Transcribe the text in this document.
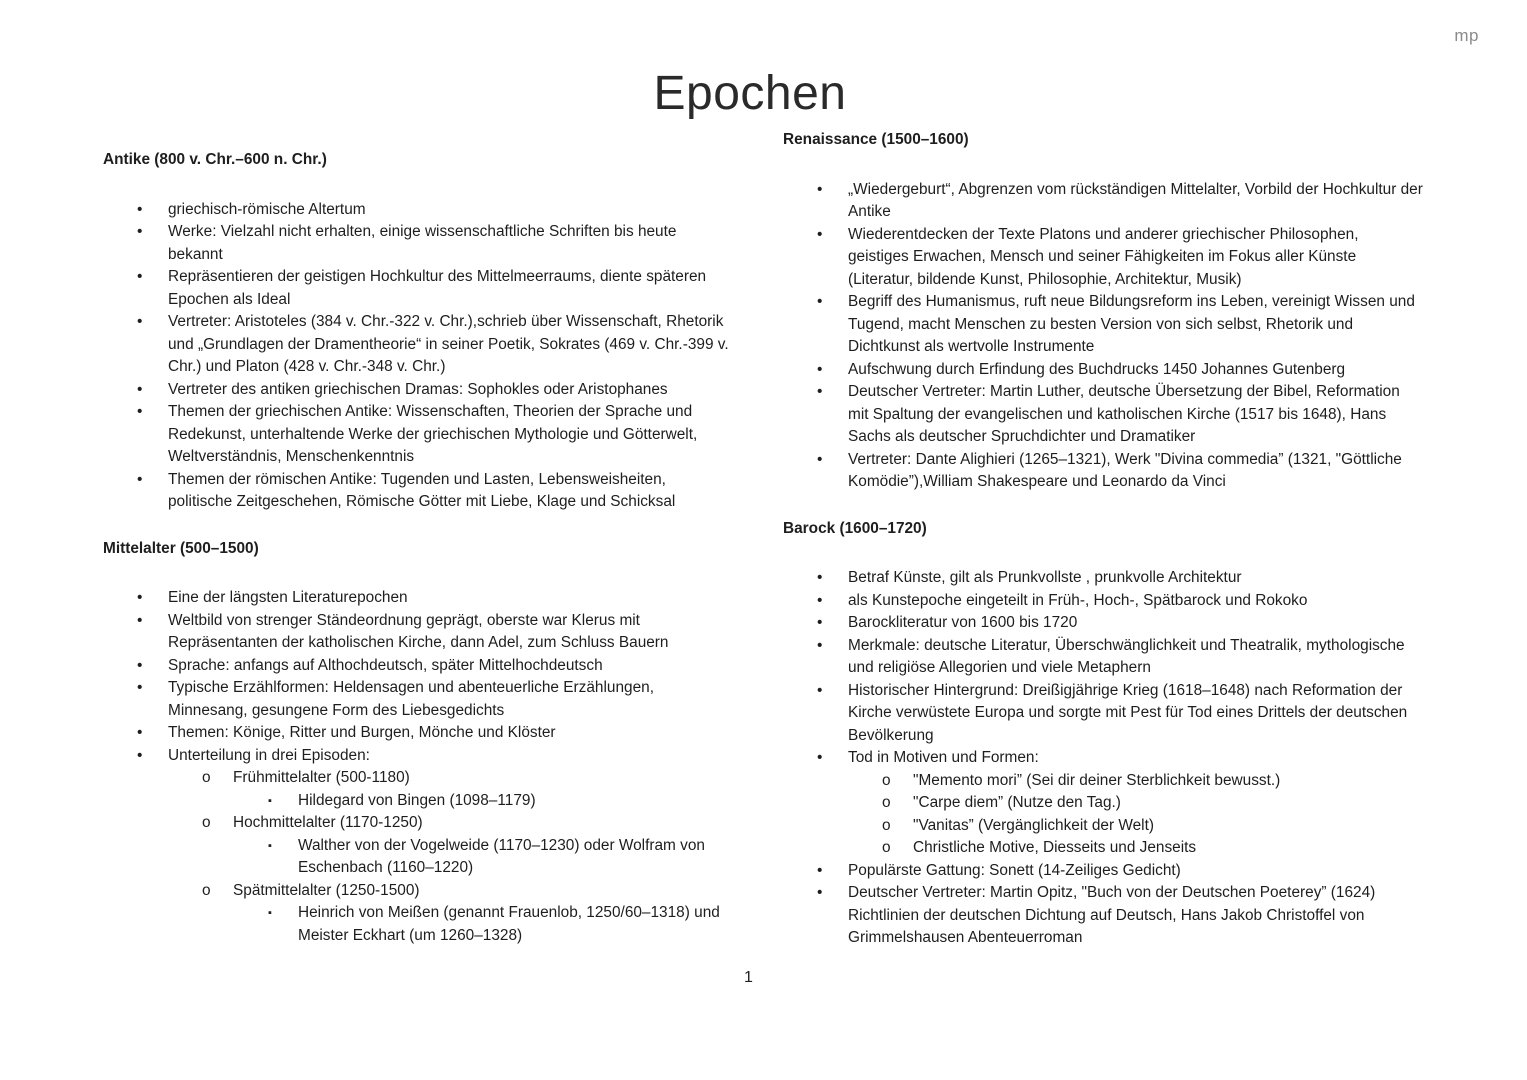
mp
Epochen
Antike (800 v. Chr.–600 n. Chr.)
• griechisch-römische Altertum
• Werke: Vielzahl nicht erhalten, einige wissenschaftliche Schriften bis heute bekannt
• Repräsentieren der geistigen Hochkultur des Mittelmeerraums, diente späteren Epochen als Ideal
• Vertreter: Aristoteles (384 v. Chr.-322 v. Chr.),schrieb über Wissenschaft, Rhetorik und „Grundlagen der Dramentheorie“ in seiner Poetik, Sokrates (469 v. Chr.-399 v. Chr.) und Platon (428 v. Chr.-348 v. Chr.)
• Vertreter des antiken griechischen Dramas: Sophokles oder Aristophanes
• Themen der griechischen Antike: Wissenschaften, Theorien der Sprache und Redekunst, unterhaltende Werke der griechischen Mythologie und Götterwelt, Weltverständnis, Menschenkenntnis
• Themen der römischen Antike: Tugenden und Lasten, Lebensweisheiten, politische Zeitgeschehen, Römische Götter mit Liebe, Klage und Schicksal
Mittelalter (500–1500)
• Eine der längsten Literaturepochen
• Weltbild von strenger Ständeordnung geprägt, oberste war Klerus mit Repräsentanten der katholischen Kirche, dann Adel, zum Schluss Bauern
• Sprache: anfangs auf Althochdeutsch, später Mittelhochdeutsch
• Typische Erzählformen: Heldensagen und abenteuerliche Erzählungen, Minnesang, gesungene Form des Liebesgedichts
• Themen: Könige, Ritter und Burgen, Mönche und Klöster
• Unterteilung in drei Episoden:
o Frühmittelalter (500-1180)
▪ Hildegard von Bingen (1098–1179)
o Hochmittelalter (1170-1250)
▪ Walther von der Vogelweide (1170–1230) oder Wolfram von Eschenbach (1160–1220)
o Spätmittelalter (1250-1500)
▪ Heinrich von Meißen (genannt Frauenlob, 1250/60–1318) und Meister Eckhart (um 1260–1328)
Renaissance (1500–1600)
• „Wiedergeburt“, Abgrenzen vom rückständigen Mittelalter, Vorbild der Hochkultur der Antike
• Wiederentdecken der Texte Platons und anderer griechischer Philosophen, geistiges Erwachen, Mensch und seiner Fähigkeiten im Fokus aller Künste (Literatur, bildende Kunst, Philosophie, Architektur, Musik)
• Begriff des Humanismus, ruft neue Bildungsreform ins Leben, vereinigt Wissen und Tugend, macht Menschen zu besten Version von sich selbst, Rhetorik und Dichtkunst als wertvolle Instrumente
• Aufschwung durch Erfindung des Buchdrucks 1450 Johannes Gutenberg
• Deutscher Vertreter: Martin Luther, deutsche Übersetzung der Bibel, Reformation mit Spaltung der evangelischen und katholischen Kirche (1517 bis 1648), Hans Sachs als deutscher Spruchdichter und Dramatiker
• Vertreter: Dante Alighieri (1265–1321), Werk "Divina commedia” (1321, "Göttliche Komödie”),William Shakespeare und Leonardo da Vinci
Barock (1600–1720)
• Betraf Künste, gilt als Prunkvollste , prunkvolle Architektur
• als Kunstepoche eingeteilt in Früh-, Hoch-, Spätbarock und Rokoko
• Barockliteratur von 1600 bis 1720
• Merkmale: deutsche Literatur, Überschwänglichkeit und Theatralik, mythologische und religiöse Allegorien und viele Metaphern
• Historischer Hintergrund: Dreißigjährige Krieg (1618–1648) nach Reformation der Kirche verwüstete Europa und sorgte mit Pest für Tod eines Drittels der deutschen Bevölkerung
• Tod in Motiven und Formen:
o "Memento mori” (Sei dir deiner Sterblichkeit bewusst.)
o "Carpe diem” (Nutze den Tag.)
o "Vanitas” (Vergänglichkeit der Welt)
o Christliche Motive, Diesseits und Jenseits
• Populärste Gattung: Sonett (14-Zeiliges Gedicht)
• Deutscher Vertreter: Martin Opitz, "Buch von der Deutschen Poeterey” (1624) Richtlinien der deutschen Dichtung auf Deutsch, Hans Jakob Christoffel von Grimmelshausen Abenteuerroman
1
